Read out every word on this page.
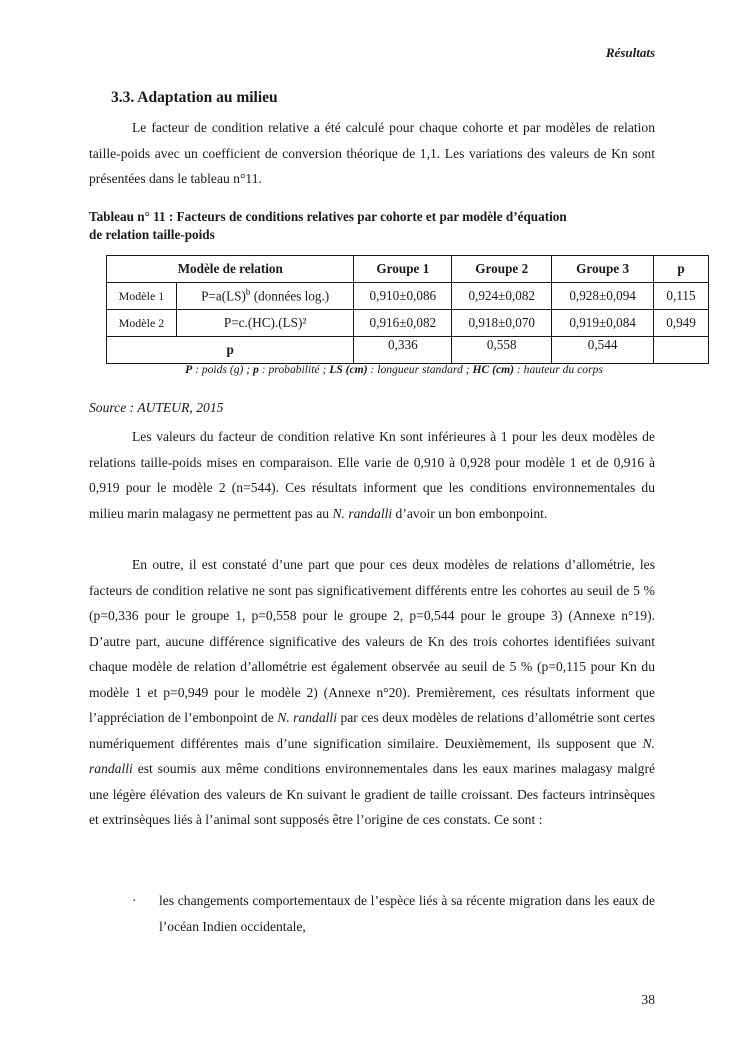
Résultats
3.3. Adaptation au milieu

Le facteur de condition relative a été calculé pour chaque cohorte et par modèles de relation taille-poids avec un coefficient de conversion théorique de 1,1. Les variations des valeurs de Kn sont présentées dans le tableau n°11.

Tableau n° 11 : Facteurs de conditions relatives par cohorte et par modèle d’équation
de relation taille-poids
Modèle de relation		Groupe 1	Groupe 2	Groupe 3	p
Modèle 1	P=a(LS)$^b$ (données log.)	0,910±0,086	0,924±0,082	0,928±0,094	0,115
Modèle 2	P=c.(HC).(LS)²	0,916±0,082	0,918±0,070	0,919±0,084	0,949
p		0,336	0,558	0,544	
P : poids (g) ; p : probabilité ; LS (cm) : longueur standard ; HC (cm) : hauteur du corps
Source : AUTEUR, 2015

Les valeurs du facteur de condition relative Kn sont inférieures à 1 pour les deux modèles de relations taille-poids mises en comparaison. Elle varie de 0,910 à 0,928 pour modèle 1 et de 0,916 à 0,919 pour le modèle 2 (n=544). Ces résultats informent que les conditions environnementales du milieu marin malagasy ne permettent pas au N. randalli d’avoir un bon embonpoint.

En outre, il est constaté d’une part que pour ces deux modèles de relations d’allométrie, les facteurs de condition relative ne sont pas significativement différents entre les cohortes au seuil de 5 % (p=0,336 pour le groupe 1, p=0,558 pour le groupe 2, p=0,544 pour le groupe 3) (Annexe n°19). D’autre part, aucune différence significative des valeurs de Kn des trois cohortes identifiées suivant chaque modèle de relation d’allométrie est également observée au seuil de 5 % (p=0,115 pour Kn du modèle 1 et p=0,949 pour le modèle 2) (Annexe n°20). Premièrement, ces résultats informent que l’appréciation de l’embonpoint de N. randalli par ces deux modèles de relations d’allométrie sont certes numériquement différentes mais d’une signification similaire. Deuxièmement, ils supposent que N. randalli est soumis aux même conditions environnementales dans les eaux marines malagasy malgré une légère élévation des valeurs de Kn suivant le gradient de taille croissant. Des facteurs intrinsèques et extrinsèques liés à l’animal sont supposés être l’origine de ces constats. Ce sont :

· les changements comportementaux de l’espèce liés à sa récente migration dans les eaux de l’océan Indien occidentale,
38
